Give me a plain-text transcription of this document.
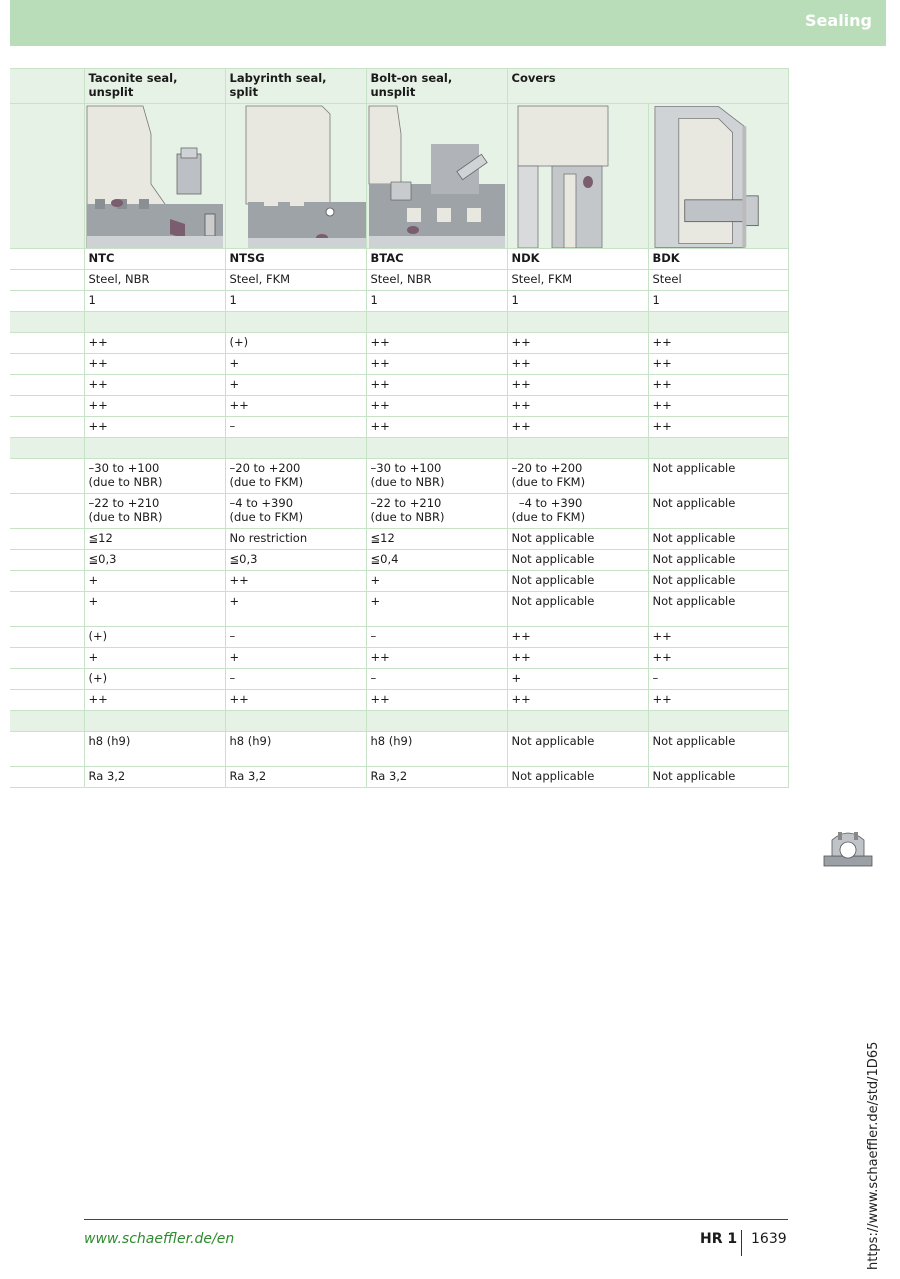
Sealing
	Taconite seal,
unsplit	Labyrinth seal,
split	Bolt-on seal,
unsplit	Covers	

	NTC	NTSG	BTAC	NDK	BDK
	Steel, NBR	Steel, FKM	Steel, NBR	Steel, FKM	Steel
	1	1	1	1	1

	++	(+)	++	++	++
	++	+	++	++	++
	++	+	++	++	++
	++	++	++	++	++
	++	–	++	++	++

	–30 to +100
(due to NBR)	–20 to +200
(due to FKM)	–30 to +100
(due to NBR)	–20 to +200
(due to FKM)	Not applicable
	–22 to +210
(due to NBR)	–4 to +390
(due to FKM)	–22 to +210
(due to NBR)	–4 to +390
(due to FKM)	Not applicable
	≦12	No restriction	≦12	Not applicable	Not applicable
	≦0,3	≦0,3	≦0,4	Not applicable	Not applicable
	+	++	+	Not applicable	Not applicable
	+	+	+	Not applicable	Not applicable
	(+)	–	–	++	++
	+	+	++	++	++
	(+)	–	–	+	–
	++	++	++	++	++

	h8 (h9)	h8 (h9)	h8 (h9)	Not applicable	Not applicable
	Ra 3,2	Ra 3,2	Ra 3,2	Not applicable	Not applicable
www.schaeffler.de/en	HR 1 1639	https://www.schaeffler.de/std/1D65
